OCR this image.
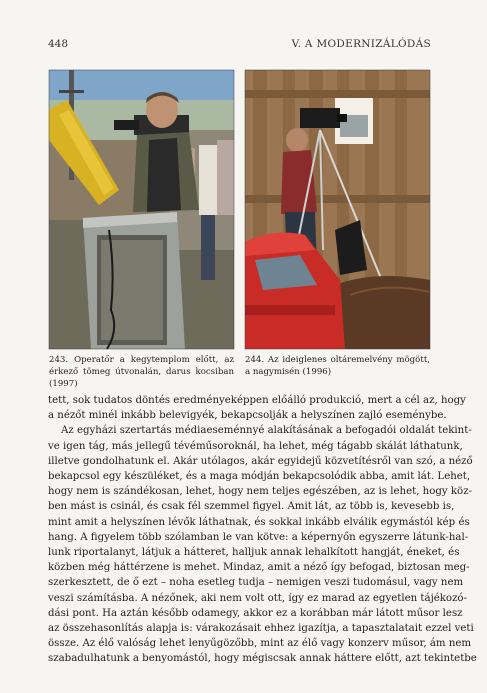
448	V. A MODERNIZÁLÓDÁS
243. Operatőr a kegytemplom előtt, az érkező tömeg útvonalán, darus kocsiban (1997)
244. Az ideiglenes oltáremelvény mögött, a nagymisén (1996)
tett, sok tudatos döntés eredményeképpen előálló produkció, mert a cél az, hogy
a nézőt minél inkább belevigyék, bekapcsolják a helyszínen zajló eseménybe.
Az egyházi szertartás médiaeseménnyé alakításának a befogadói oldalát tekint-
ve igen tág, más jellegű tévéműsoroknál, ha lehet, még tágabb skálát láthatunk,
illetve gondolhatunk el. Akár utólagos, akár egyidejű közvetítésről van szó, a néző
bekapcsol egy készüléket, és a maga módján bekapcsolódik abba, amit lát. Lehet,
hogy nem is szándékosan, lehet, hogy nem teljes egészében, az is lehet, hogy köz-
ben mást is csinál, és csak fél szemmel figyel. Amit lát, az több is, kevesebb is,
mint amit a helyszínen lévők láthatnak, és sokkal inkább elválik egymástól kép és
hang. A figyelem több szólamban le van kötve: a képernyőn egyszerre látunk-hal-
lunk riportalanyt, látjuk a hátteret, halljuk annak lehalkított hangját, éneket, és
közben még háttérzene is mehet. Mindaz, amit a néző így befogad, biztosan meg-
szerkesztett, de ő ezt – noha esetleg tudja – nemigen veszi tudomásul, vagy nem
veszi számításba. A nézőnek, aki nem volt ott, így ez marad az egyetlen tájékozó-
dási pont. Ha aztán később odamegy, akkor ez a korábban már látott műsor lesz
az összehasonlítás alapja is: várakozásait ehhez igazítja, a tapasztalatait ezzel veti
össze. Az élő valóság lehet lenyűgözőbb, mint az élő vagy konzerv műsor, ám nem
szabadulhatunk a benyomástól, hogy mégiscsak annak háttere előtt, azt tekintetbe
